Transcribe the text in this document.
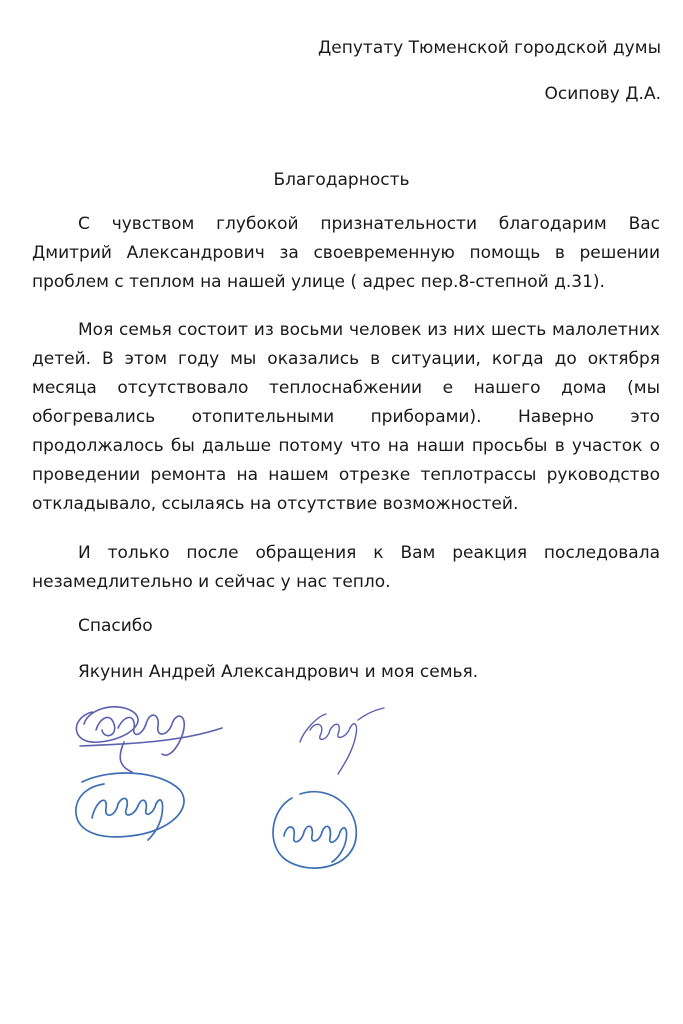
Депутату Тюменской городской думы
Осипову Д.А.
Благодарность

С чувством глубокой признательности благодарим Вас Дмитрий Александрович за своевременную помощь в решении проблем с теплом на нашей улице ( адрес пер.8-степной д.31).

Моя семья состоит из восьми человек из них шесть малолетних детей. В этом году мы оказались в ситуации, когда до октября месяца отсутствовало теплоснабжении е нашего дома (мы обогревались отопительными приборами). Наверно это продолжалось бы дальше потому что на наши просьбы в участок о проведении ремонта на нашем отрезке теплотрассы руководство откладывало, ссылаясь на отсутствие возможностей.

И только после обращения к Вам реакция последовала незамедлительно и сейчас у нас тепло.

Спасибо
Якунин Андрей Александрович и моя семья.
